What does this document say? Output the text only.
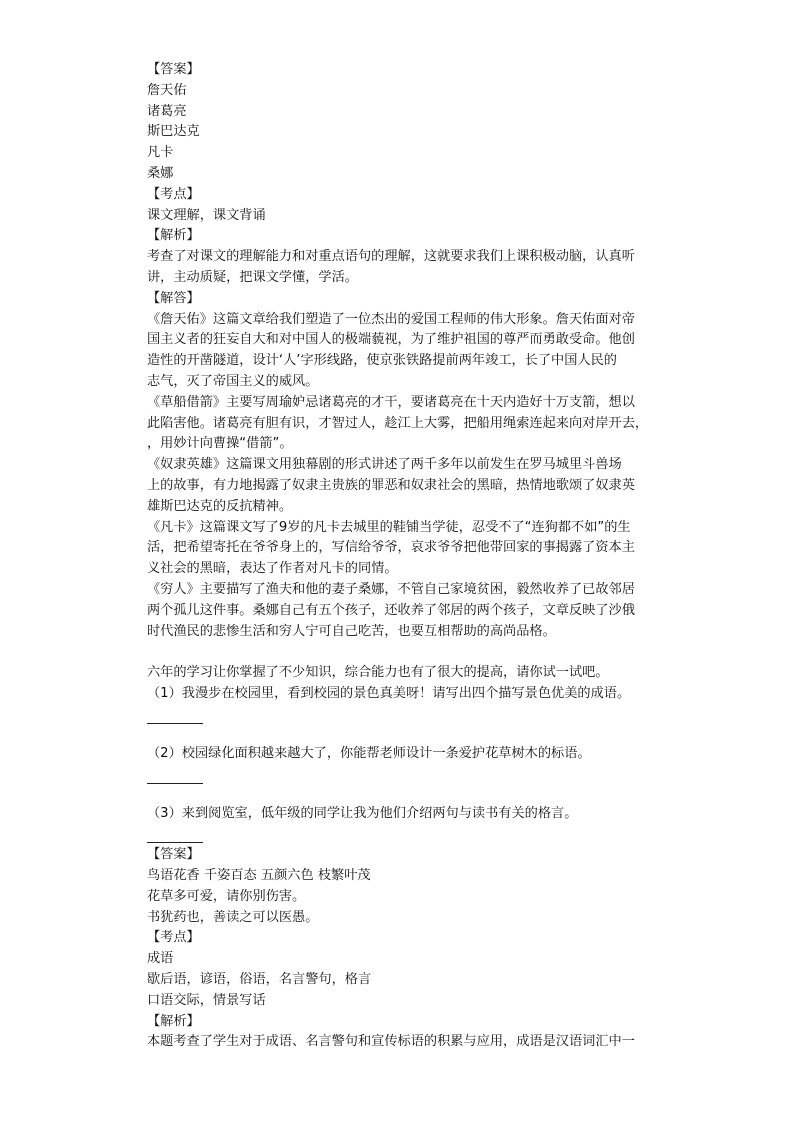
【答案】
詹天佑
诸葛亮
斯巴达克
凡卡
桑娜
【考点】
课文理解，课文背诵
【解析】
考查了对课文的理解能力和对重点语句的理解，这就要求我们上课积极动脑，认真听
讲，主动质疑，把课文学懂，学活。
【解答】
《詹天佑》这篇文章给我们塑造了一位杰出的爱国工程师的伟大形象。詹天佑面对帝
国主义者的狂妄自大和对中国人的极端藐视，为了维护祖国的尊严而勇敢受命。他创
造性的开凿隧道，设计‘人’字形线路，使京张铁路提前两年竣工，长了中国人民的
志气，灭了帝国主义的威风。
《草船借箭》主要写周瑜妒忌诸葛亮的才干，要诸葛亮在十天内造好十万支箭，想以
此陷害他。诸葛亮有胆有识，才智过人，趁江上大雾，把船用绳索连起来向对岸开去，
，用妙计向曹操“借箭”。
《奴隶英雄》这篇课文用独幕剧的形式讲述了两千多年以前发生在罗马城里斗兽场
上的故事，有力地揭露了奴隶主贵族的罪恶和奴隶社会的黑暗，热情地歌颂了奴隶英
雄斯巴达克的反抗精神。
《凡卡》这篇课文写了9岁的凡卡去城里的鞋铺当学徒，忍受不了“连狗都不如”的生
活，把希望寄托在爷爷身上的，写信给爷爷，哀求爷爷把他带回家的事揭露了资本主
义社会的黑暗，表达了作者对凡卡的同情。
《穷人》主要描写了渔夫和他的妻子桑娜，不管自己家境贫困，毅然收养了已故邻居
两个孤儿这件事。桑娜自己有五个孩子，还收养了邻居的两个孩子，文章反映了沙俄
时代渔民的悲惨生活和穷人宁可自己吃苦，也要互相帮助的高尚品格。
六年的学习让你掌握了不少知识，综合能力也有了很大的提高，请你试一试吧。
（1）我漫步在校园里，看到校园的景色真美呀！请写出四个描写景色优美的成语。
（2）校园绿化面积越来越大了，你能帮老师设计一条爱护花草树木的标语。
（3）来到阅览室，低年级的同学让我为他们介绍两句与读书有关的格言。
【答案】
鸟语花香 千姿百态 五颜六色 枝繁叶茂
花草多可爱，请你别伤害。
书犹药也，善读之可以医愚。
【考点】
成语
歇后语，谚语，俗语，名言警句，格言
口语交际，情景写话
【解析】
本题考查了学生对于成语、名言警句和宣传标语的积累与应用，成语是汉语词汇中一
